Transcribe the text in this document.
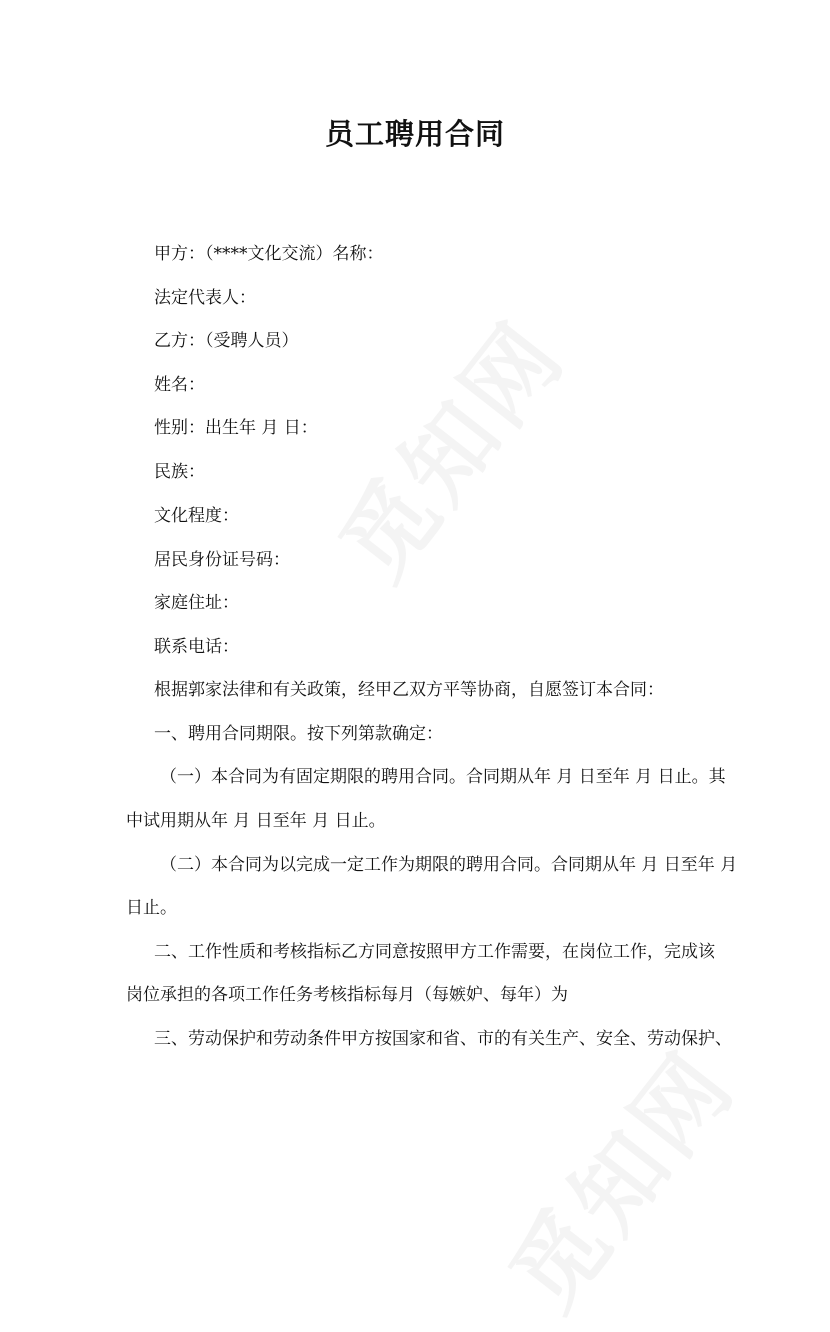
员工聘用合同
甲方：（****文化交流）名称：
法定代表人：
乙方：（受聘人员）
姓名：
性别：出生年 月 日：
民族：
文化程度：
居民身份证号码：
家庭住址：
联系电话：
根据郭家法律和有关政策，经甲乙双方平等协商，自愿签订本合同：
一、聘用合同期限。按下列第款确定：
（一）本合同为有固定期限的聘用合同。合同期从年 月 日至年 月 日止。其
中试用期从年 月 日至年 月 日止。
（二）本合同为以完成一定工作为期限的聘用合同。合同期从年 月 日至年 月
日止。
二、工作性质和考核指标乙方同意按照甲方工作需要，在岗位工作，完成该
岗位承担的各项工作任务考核指标每月（每嫉妒、每年）为
三、劳动保护和劳动条件甲方按国家和省、市的有关生产、安全、劳动保护、
